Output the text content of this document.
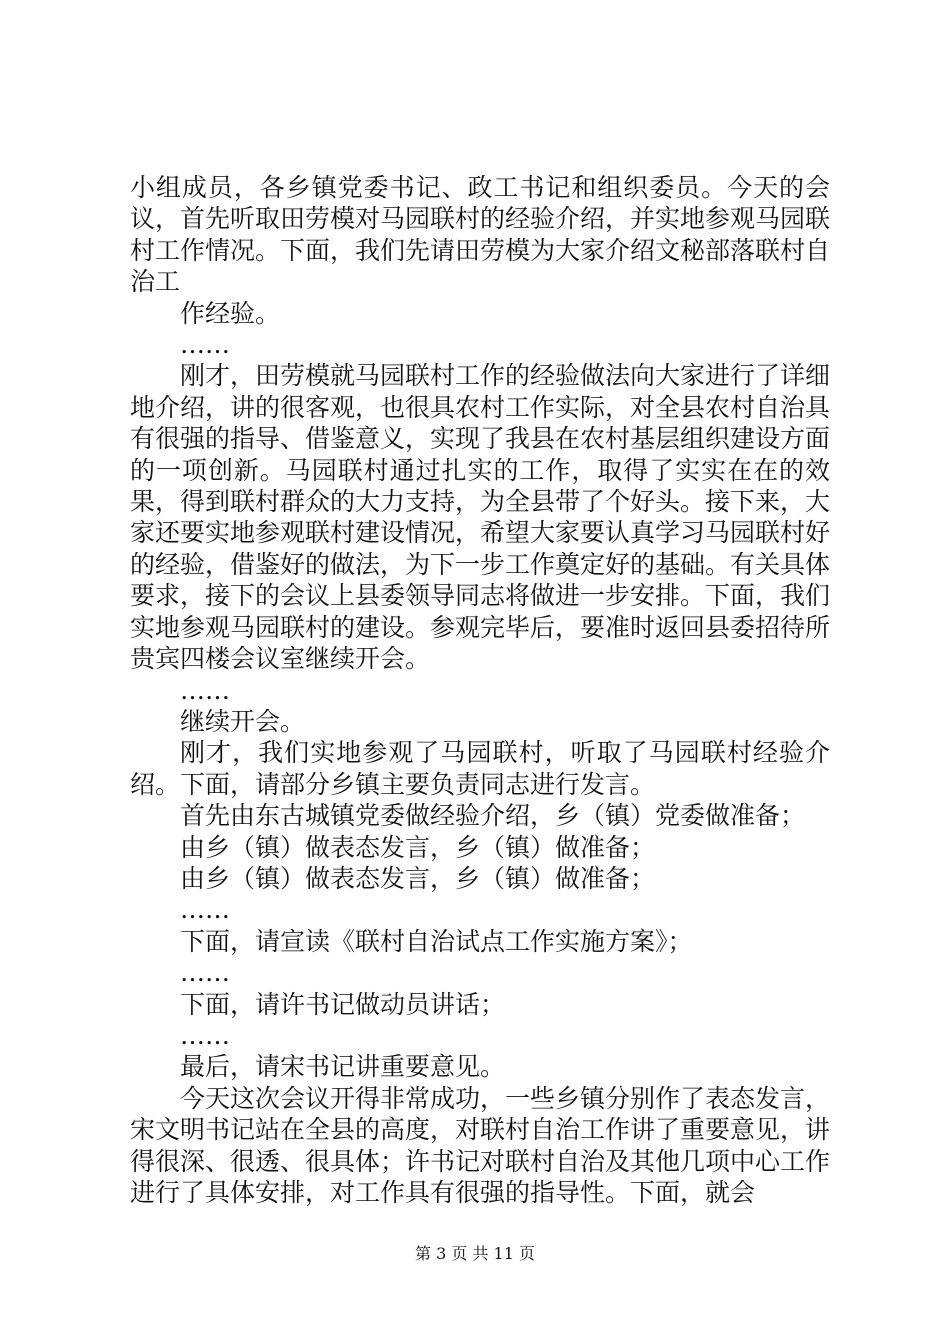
小组成员，各乡镇党委书记、政工书记和组织委员。今天的会议，首先听取田劳模对马园联村的经验介绍，并实地参观马园联村工作情况。下面，我们先请田劳模为大家介绍文秘部落联村自治工

作经验。

……

刚才，田劳模就马园联村工作的经验做法向大家进行了详细地介绍，讲的很客观，也很具农村工作实际，对全县农村自治具有很强的指导、借鉴意义，实现了我县在农村基层组织建设方面的一项创新。马园联村通过扎实的工作，取得了实实在在的效果，得到联村群众的大力支持，为全县带了个好头。接下来，大家还要实地参观联村建设情况，希望大家要认真学习马园联村好的经验，借鉴好的做法，为下一步工作奠定好的基础。有关具体要求，接下的会议上县委领导同志将做进一步安排。下面，我们实地参观马园联村的建设。参观完毕后，要准时返回县委招待所贵宾四楼会议室继续开会。

……

继续开会。

刚才，我们实地参观了马园联村，听取了马园联村经验介绍。下面，请部分乡镇主要负责同志进行发言。

首先由东古城镇党委做经验介绍，乡（镇）党委做准备；

由乡（镇）做表态发言，乡（镇）做准备；

由乡（镇）做表态发言，乡（镇）做准备；

……

下面，请宣读《联村自治试点工作实施方案》；

……

下面，请许书记做动员讲话；

……

最后，请宋书记讲重要意见。

今天这次会议开得非常成功，一些乡镇分别作了表态发言，宋文明书记站在全县的高度，对联村自治工作讲了重要意见，讲得很深、很透、很具体；许书记对联村自治及其他几项中心工作进行了具体安排，对工作具有很强的指导性。下面，就会

第 3 页 共 11 页
